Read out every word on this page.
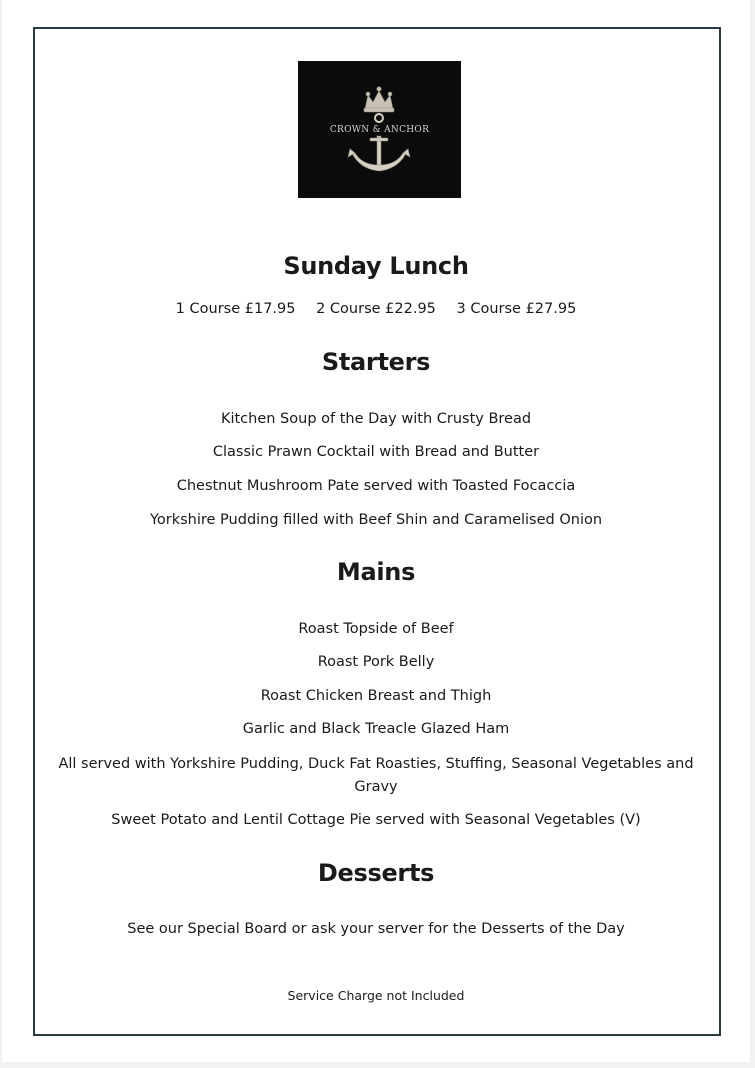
CROWN & ANCHOR
Sunday Lunch
1 Course £17.95 2 Course £22.95 3 Course £27.95
Starters
Kitchen Soup of the Day with Crusty Bread
Classic Prawn Cocktail with Bread and Butter
Chestnut Mushroom Pate served with Toasted Focaccia
Yorkshire Pudding filled with Beef Shin and Caramelised Onion
Mains
Roast Topside of Beef
Roast Pork Belly
Roast Chicken Breast and Thigh
Garlic and Black Treacle Glazed Ham
All served with Yorkshire Pudding, Duck Fat Roasties, Stuffing, Seasonal Vegetables and Gravy
Sweet Potato and Lentil Cottage Pie served with Seasonal Vegetables (V)
Desserts
See our Special Board or ask your server for the Desserts of the Day
Service Charge not Included
